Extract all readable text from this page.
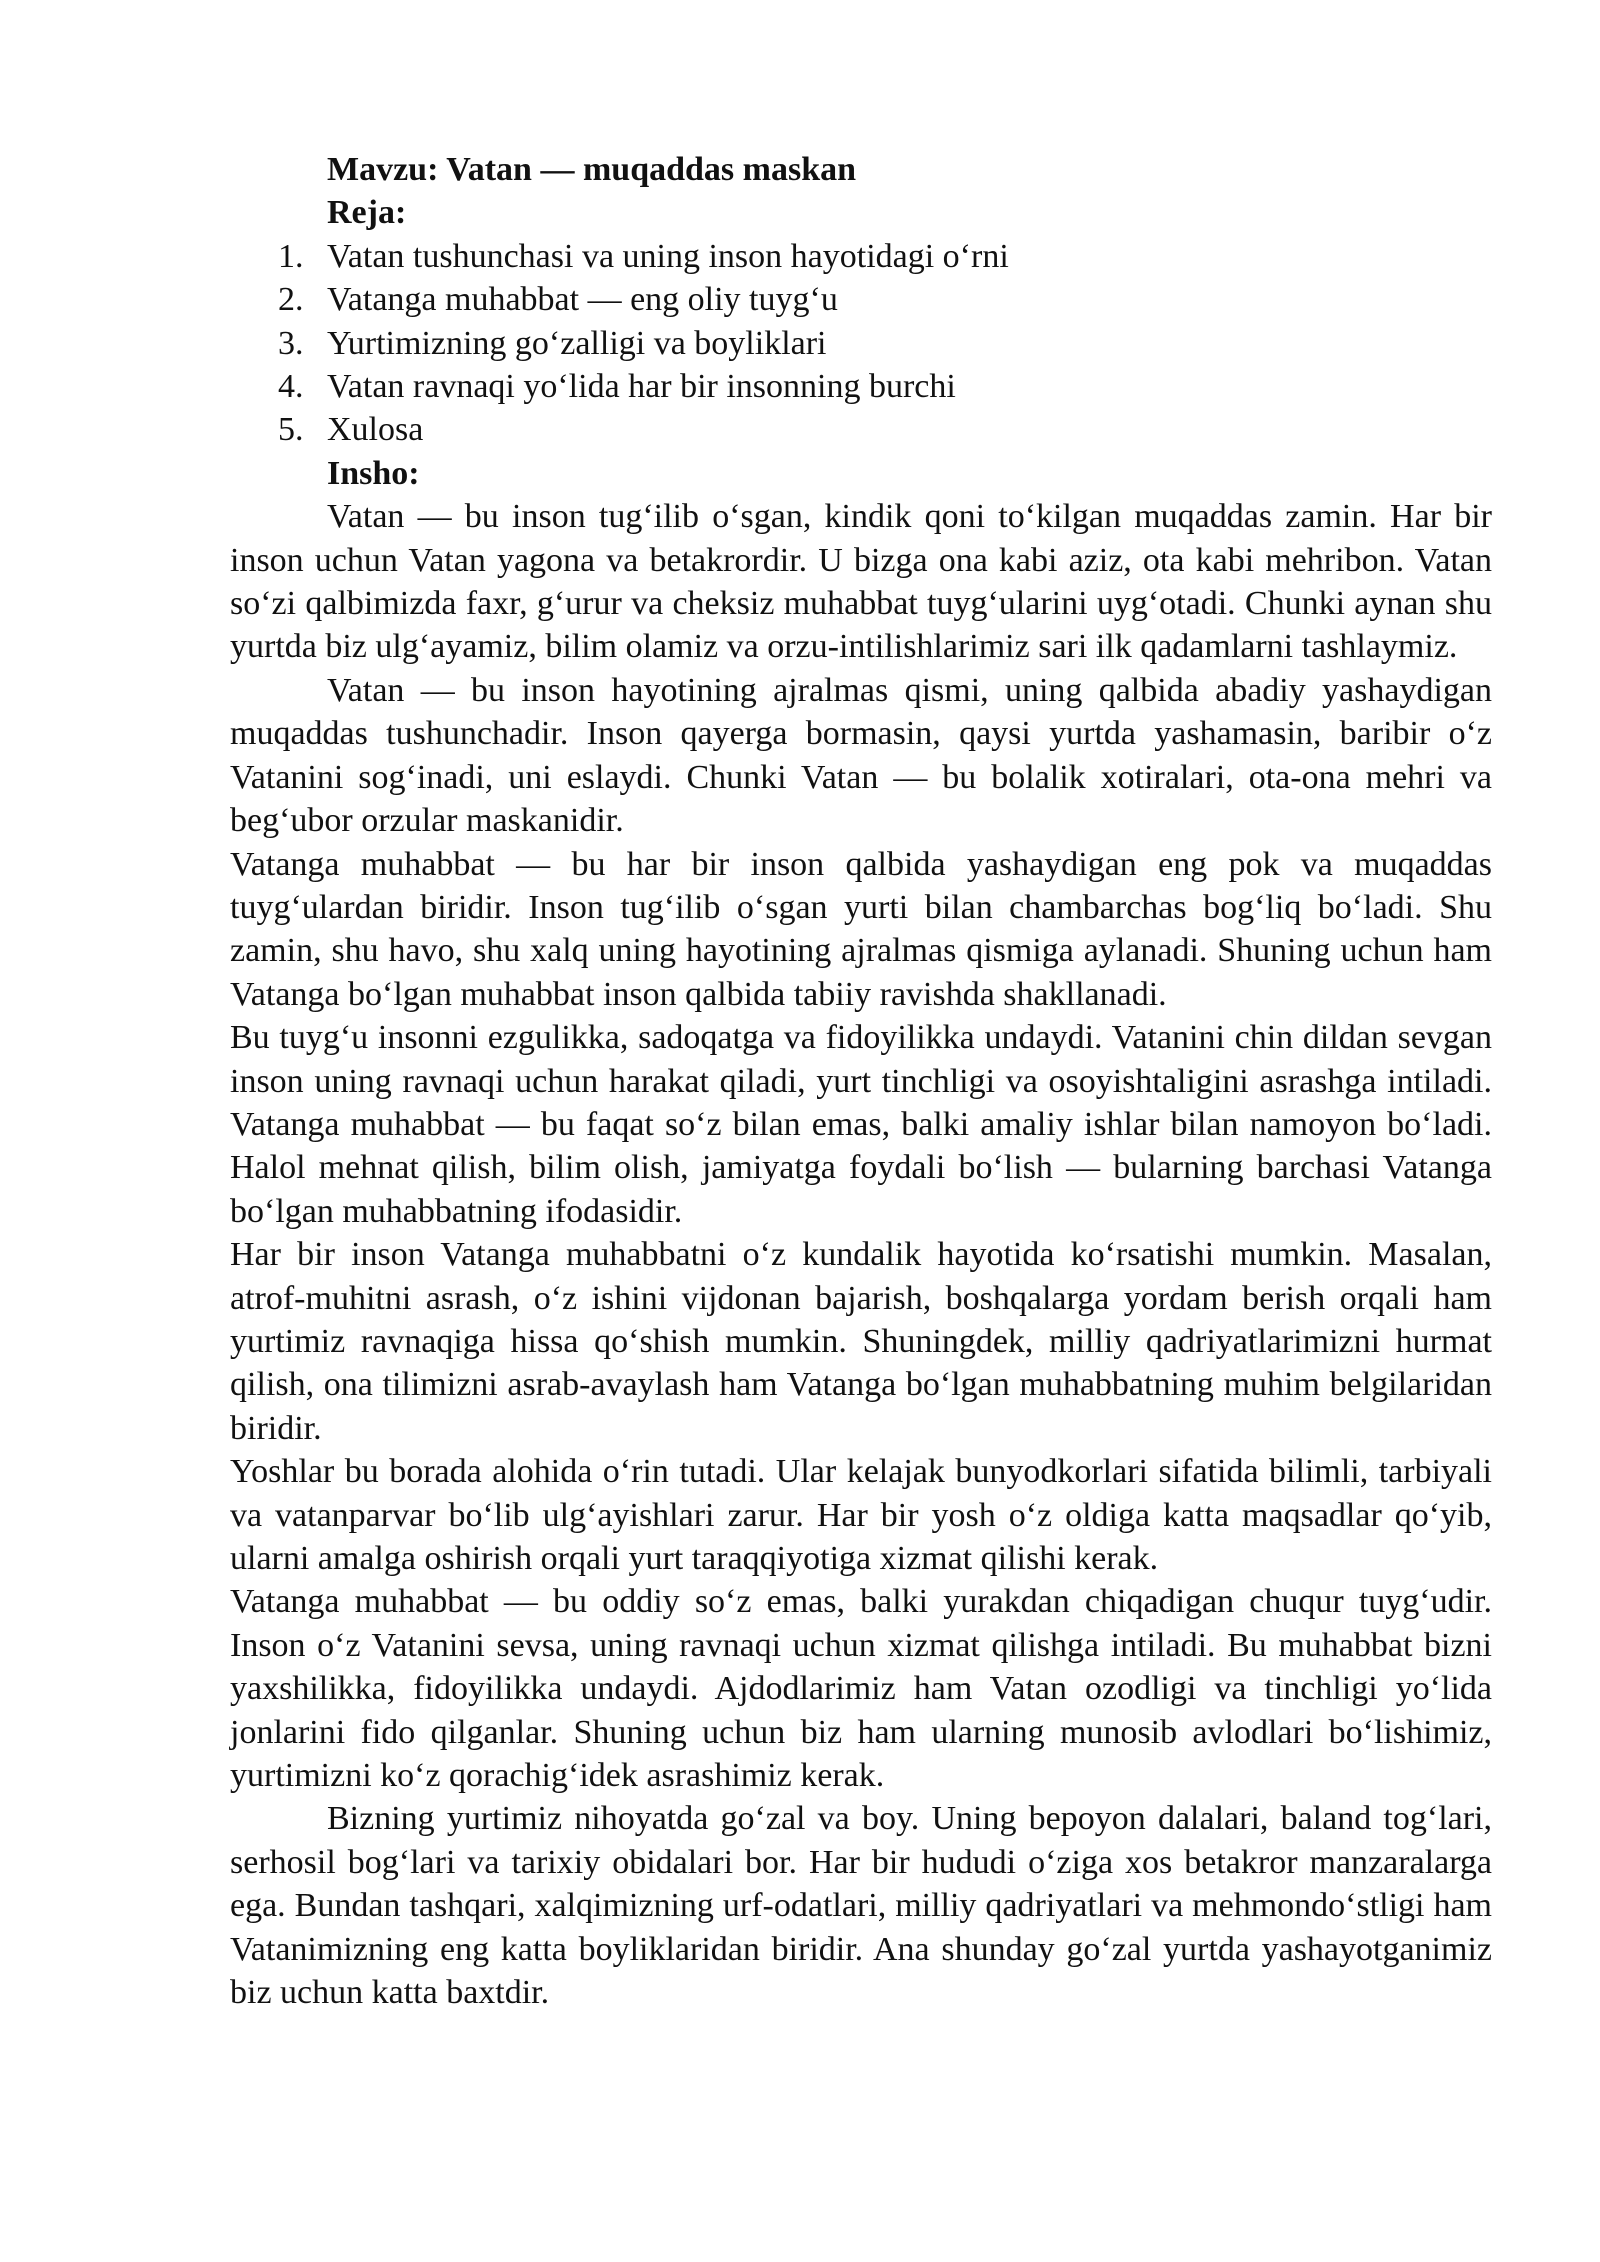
Mavzu: Vatan — muqaddas maskan

Reja:

1. Vatan tushunchasi va uning inson hayotidagi o‘rni
2. Vatanga muhabbat — eng oliy tuyg‘u
3. Yurtimizning go‘zalligi va boyliklari
4. Vatan ravnaqi yo‘lida har bir insonning burchi
5. Xulosa

Insho:

Vatan — bu inson tug‘ilib o‘sgan, kindik qoni to‘kilgan muqaddas zamin. Har bir inson uchun Vatan yagona va betakrordir. U bizga ona kabi aziz, ota kabi mehribon. Vatan so‘zi qalbimizda faxr, g‘urur va cheksiz muhabbat tuyg‘ularini uyg‘otadi. Chunki aynan shu yurtda biz ulg‘ayamiz, bilim olamiz va orzu-intilishlarimiz sari ilk qadamlarni tashlaymiz.

Vatan — bu inson hayotining ajralmas qismi, uning qalbida abadiy yashaydigan muqaddas tushunchadir. Inson qayerga bormasin, qaysi yurtda yashamasin, baribir o‘z Vatanini sog‘inadi, uni eslaydi. Chunki Vatan — bu bolalik xotiralari, ota-ona mehri va beg‘ubor orzular maskanidir.

Vatanga muhabbat — bu har bir inson qalbida yashaydigan eng pok va muqaddas tuyg‘ulardan biridir. Inson tug‘ilib o‘sgan yurti bilan chambarchas bog‘liq bo‘ladi. Shu zamin, shu havo, shu xalq uning hayotining ajralmas qismiga aylanadi. Shuning uchun ham Vatanga bo‘lgan muhabbat inson qalbida tabiiy ravishda shakllanadi.

Bu tuyg‘u insonni ezgulikka, sadoqatga va fidoyilikka undaydi. Vatanini chin dildan sevgan inson uning ravnaqi uchun harakat qiladi, yurt tinchligi va osoyishtaligini asrashga intiladi. Vatanga muhabbat — bu faqat so‘z bilan emas, balki amaliy ishlar bilan namoyon bo‘ladi. Halol mehnat qilish, bilim olish, jamiyatga foydali bo‘lish — bularning barchasi Vatanga bo‘lgan muhabbatning ifodasidir.

Har bir inson Vatanga muhabbatni o‘z kundalik hayotida ko‘rsatishi mumkin. Masalan, atrof-muhitni asrash, o‘z ishini vijdonan bajarish, boshqalarga yordam berish orqali ham yurtimiz ravnaqiga hissa qo‘shish mumkin. Shuningdek, milliy qadriyatlarimizni hurmat qilish, ona tilimizni asrab-avaylash ham Vatanga bo‘lgan muhabbatning muhim belgilaridan biridir.

Yoshlar bu borada alohida o‘rin tutadi. Ular kelajak bunyodkorlari sifatida bilimli, tarbiyali va vatanparvar bo‘lib ulg‘ayishlari zarur. Har bir yosh o‘z oldiga katta maqsadlar qo‘yib, ularni amalga oshirish orqali yurt taraqqiyotiga xizmat qilishi kerak.

Vatanga muhabbat — bu oddiy so‘z emas, balki yurakdan chiqadigan chuqur tuyg‘udir. Inson o‘z Vatanini sevsa, uning ravnaqi uchun xizmat qilishga intiladi. Bu muhabbat bizni yaxshilikka, fidoyilikka undaydi. Ajdodlarimiz ham Vatan ozodligi va tinchligi yo‘lida jonlarini fido qilganlar. Shuning uchun biz ham ularning munosib avlodlari bo‘lishimiz, yurtimizni ko‘z qorachig‘idek asrashimiz kerak.

Bizning yurtimiz nihoyatda go‘zal va boy. Uning bepoyon dalalari, baland tog‘lari, serhosil bog‘lari va tarixiy obidalari bor. Har bir hududi o‘ziga xos betakror manzaralarga ega. Bundan tashqari, xalqimizning urf-odatlari, milliy qadriyatlari va mehmondo‘stligi ham Vatanimizning eng katta boyliklaridan biridir. Ana shunday go‘zal yurtda yashayotganimiz biz uchun katta baxtdir.
